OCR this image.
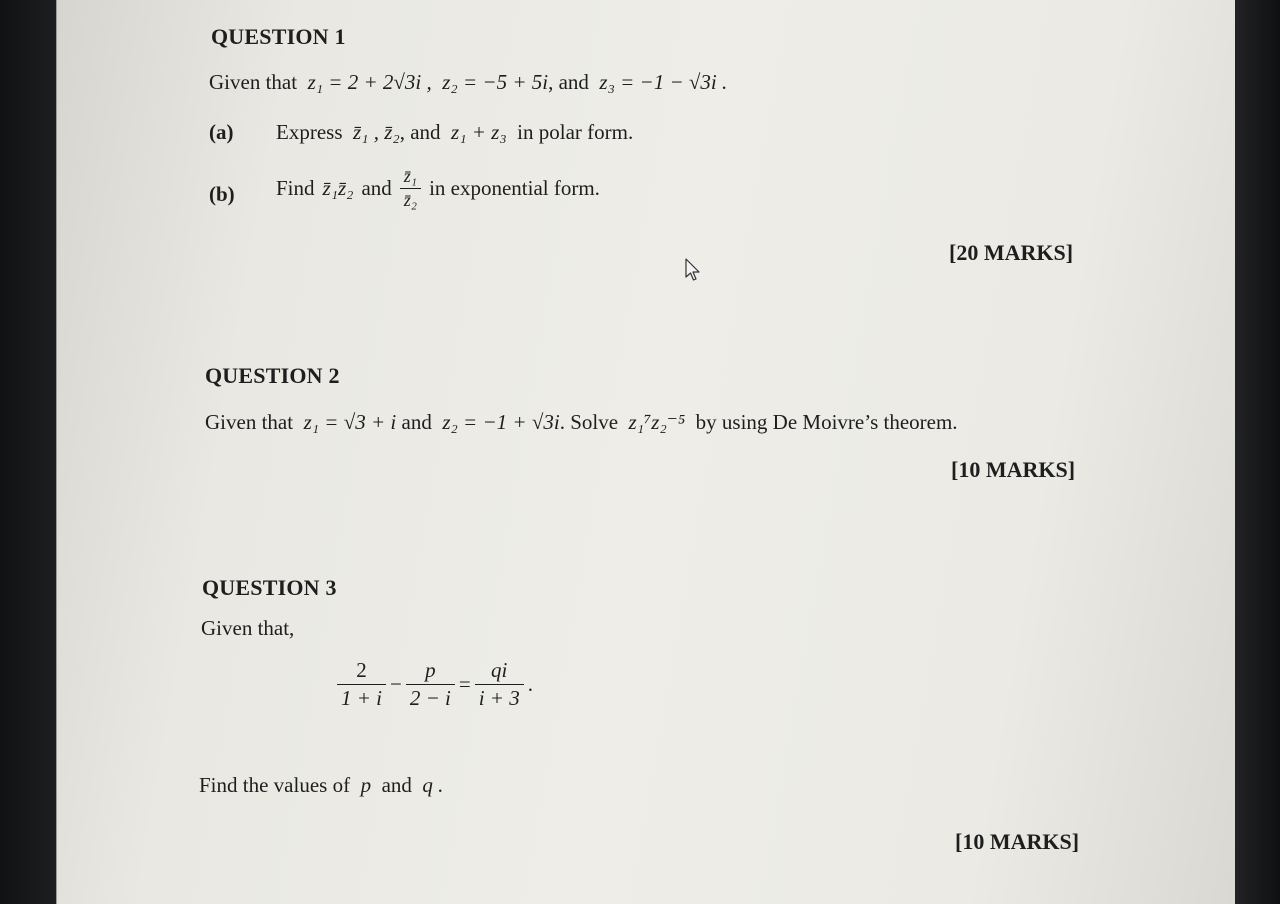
QUESTION 1
Given that z₁ = 2 + 2√3i , z₂ = −5 + 5i, and z₃ = −1 − √3i .
(a) Express z̄₁ , z̄₂, and z₁ + z₃ in polar form.
(b) Find z̄₁z̄₂ and $\frac{\text{z̄₁}}{\text{z̄₂}}$ in exponential form.
[20 MARKS]
QUESTION 2
Given that z₁ = √3 + i and z₂ = −1 + √3i. Solve z₁⁷z₂⁻⁵ by using De Moivre’s theorem.
[10 MARKS]
QUESTION 3
Given that,
$\frac{2}{1 + i} - \frac{p}{2 - i} = \frac{qi}{i + 3}$ .
Find the values of p and q .
[10 MARKS]
